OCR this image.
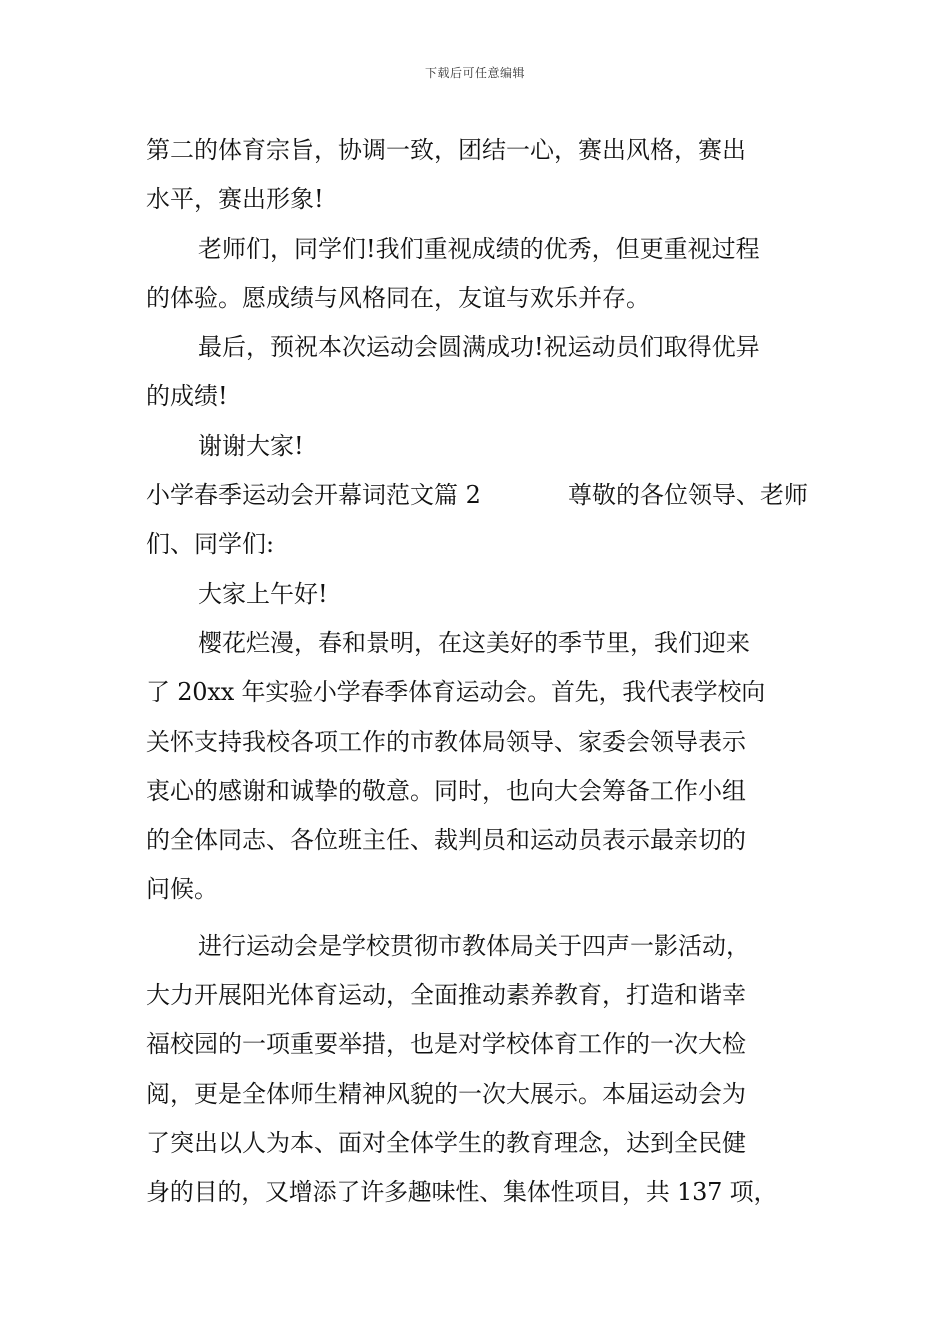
下载后可任意编辑
第二的体育宗旨，协调一致，团结一心，赛出风格，赛出
水平，赛出形象!
老师们，同学们!我们重视成绩的优秀，但更重视过程
的体验。愿成绩与风格同在，友谊与欢乐并存。
最后，预祝本次运动会圆满成功!祝运动员们取得优异
的成绩!
谢谢大家!
小学春季运动会开幕词范文篇 2	尊敬的各位领导、老师
们、同学们:
大家上午好!
樱花烂漫，春和景明，在这美好的季节里，我们迎来
了 20xx 年实验小学春季体育运动会。首先，我代表学校向
关怀支持我校各项工作的市教体局领导、家委会领导表示
衷心的感谢和诚挚的敬意。同时，也向大会筹备工作小组
的全体同志、各位班主任、裁判员和运动员表示最亲切的
问候。
进行运动会是学校贯彻市教体局关于四声一影活动，
大力开展阳光体育运动，全面推动素养教育，打造和谐幸
福校园的一项重要举措，也是对学校体育工作的一次大检
阅，更是全体师生精神风貌的一次大展示。本届运动会为
了突出以人为本、面对全体学生的教育理念，达到全民健
身的目的，又增添了许多趣味性、集体性项目，共 137 项，
